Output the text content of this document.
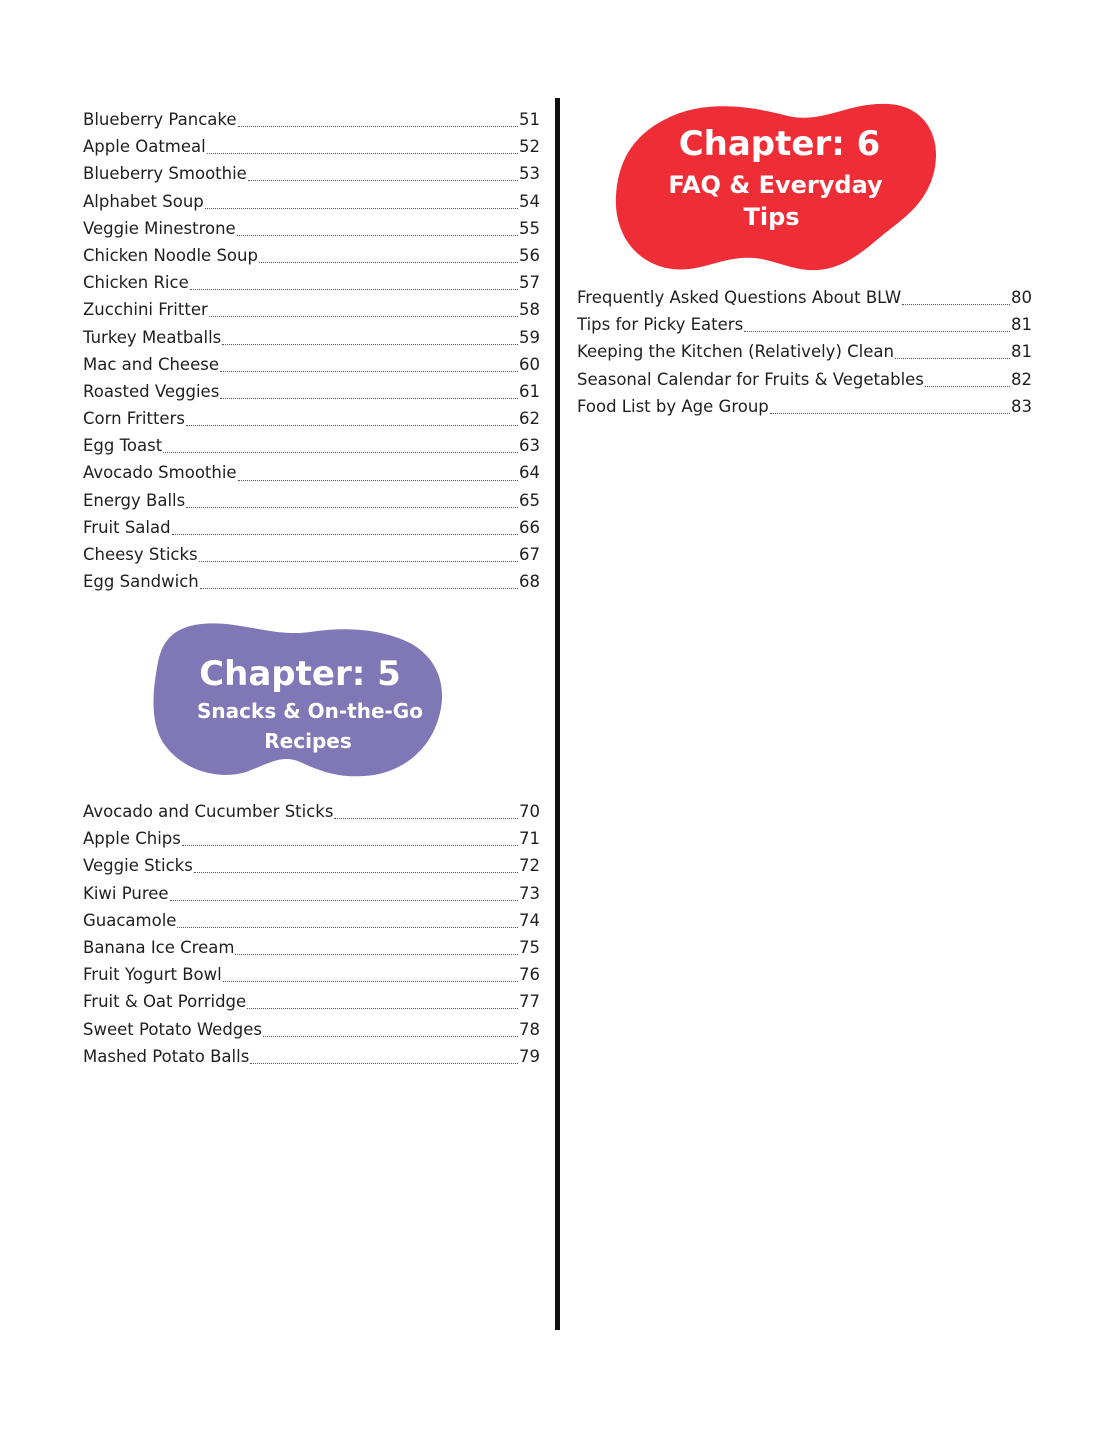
Blueberry Pancake	51
Apple Oatmeal	52
Blueberry Smoothie	53
Alphabet Soup	54
Veggie Minestrone	55
Chicken Noodle Soup	56
Chicken Rice	57
Zucchini Fritter	58
Turkey Meatballs	59
Mac and Cheese	60
Roasted Veggies	61
Corn Fritters	62
Egg Toast	63
Avocado Smoothie	64
Energy Balls	65
Fruit Salad	66
Cheesy Sticks	67
Egg Sandwich	68
Chapter: 5
Snacks & On-the-Go
Recipes
Avocado and Cucumber Sticks	70
Apple Chips	71
Veggie Sticks	72
Kiwi Puree	73
Guacamole	74
Banana Ice Cream	75
Fruit Yogurt Bowl	76
Fruit & Oat Porridge	77
Sweet Potato Wedges	78
Mashed Potato Balls	79
Chapter: 6
FAQ & Everyday
Tips
Frequently Asked Questions About BLW	80
Tips for Picky Eaters	81
Keeping the Kitchen (Relatively) Clean	81
Seasonal Calendar for Fruits & Vegetables	82
Food List by Age Group	83
